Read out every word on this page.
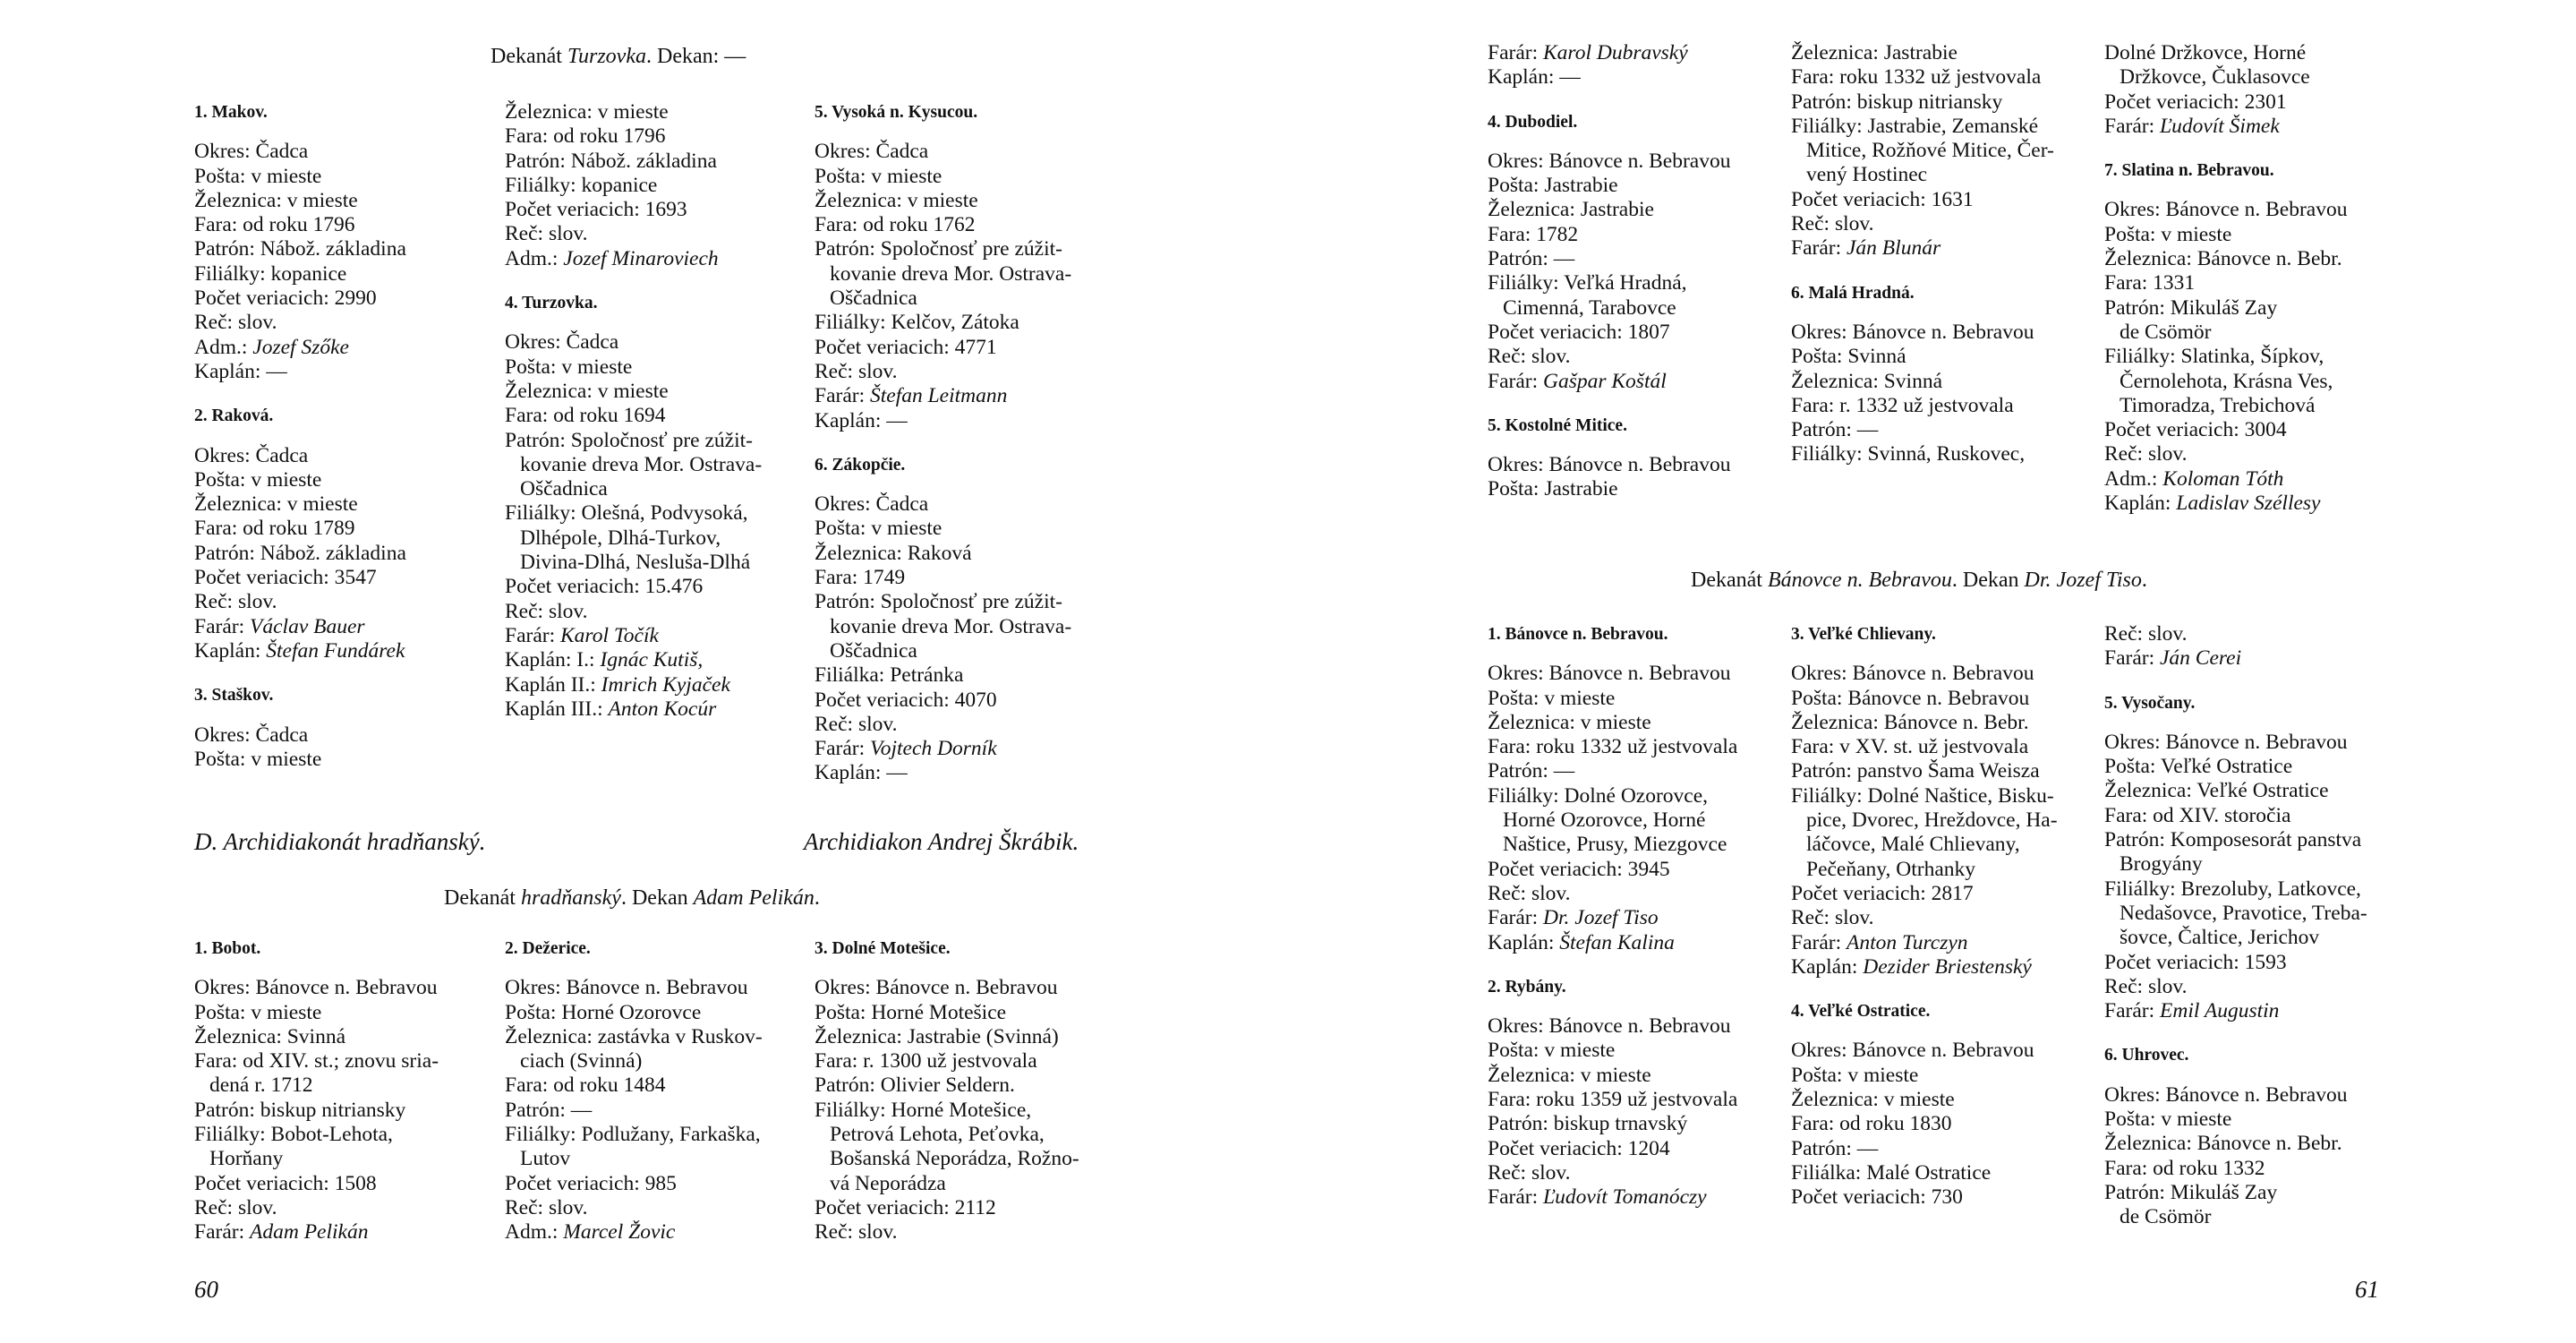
Dekanát Turzovka. Dekan: —
1. Makov.
Okres: Čadca
Pošta: v mieste
Železnica: v mieste
Fara: od roku 1796
Patrón: Nábož. základina
Filiálky: kopanice
Počet veriacich: 2990
Reč: slov.
Adm.: Jozef Szőke
Kaplán: —
2. Raková.
Okres: Čadca
Pošta: v mieste
Železnica: v mieste
Fara: od roku 1789
Patrón: Nábož. základina
Počet veriacich: 3547
Reč: slov.
Farár: Václav Bauer
Kaplán: Štefan Fundárek
3. Staškov.
Okres: Čadca
Pošta: v mieste
Železnica: v mieste
Fara: od roku 1796
Patrón: Nábož. základina
Filiálky: kopanice
Počet veriacich: 1693
Reč: slov.
Adm.: Jozef Minaroviech
4. Turzovka.
Okres: Čadca
Pošta: v mieste
Železnica: v mieste
Fara: od roku 1694
Patrón: Spoločnosť pre zúžit-
kovanie dreva Mor. Ostrava-
Oščadnica
Filiálky: Olešná, Podvysoká,
Dlhépole, Dlhá-Turkov,
Divina-Dlhá, Nesluša-Dlhá
Počet veriacich: 15.476
Reč: slov.
Farár: Karol Točík
Kaplán: I.: Ignác Kutiš,
Kaplán II.: Imrich Kyjaček
Kaplán III.: Anton Kocúr
5. Vysoká n. Kysucou.
Okres: Čadca
Pošta: v mieste
Železnica: v mieste
Fara: od roku 1762
Patrón: Spoločnosť pre zúžit-
kovanie dreva Mor. Ostrava-
Oščadnica
Filiálky: Kelčov, Zátoka
Počet veriacich: 4771
Reč: slov.
Farár: Štefan Leitmann
Kaplán: —
6. Zákopčie.
Okres: Čadca
Pošta: v mieste
Železnica: Raková
Fara: 1749
Patrón: Spoločnosť pre zúžit-
kovanie dreva Mor. Ostrava-
Oščadnica
Filiálka: Petránka
Počet veriacich: 4070
Reč: slov.
Farár: Vojtech Dorník
Kaplán: —
D. Archidiakonát hradňanský.	Archidiakon Andrej Škrábik.
Dekanát hradňanský. Dekan Adam Pelikán.
1. Bobot.
Okres: Bánovce n. Bebravou
Pošta: v mieste
Železnica: Svinná
Fara: od XIV. st.; znovu sria-
dená r. 1712
Patrón: biskup nitriansky
Filiálky: Bobot-Lehota,
Horňany
Počet veriacich: 1508
Reč: slov.
Farár: Adam Pelikán
2. Dežerice.
Okres: Bánovce n. Bebravou
Pošta: Horné Ozorovce
Železnica: zastávka v Ruskov-
ciach (Svinná)
Fara: od roku 1484
Patrón: —
Filiálky: Podlužany, Farkaška,
Lutov
Počet veriacich: 985
Reč: slov.
Adm.: Marcel Žovic
3. Dolné Motešice.
Okres: Bánovce n. Bebravou
Pošta: Horné Motešice
Železnica: Jastrabie (Svinná)
Fara: r. 1300 už jestvovala
Patrón: Olivier Seldern.
Filiálky: Horné Motešice,
Petrová Lehota, Peťovka,
Bošanská Neporádza, Rožno-
vá Neporádza
Počet veriacich: 2112
Reč: slov.
60
Farár: Karol Dubravský
Kaplán: —
4. Dubodiel.
Okres: Bánovce n. Bebravou
Pošta: Jastrabie
Železnica: Jastrabie
Fara: 1782
Patrón: —
Filiálky: Veľká Hradná,
Cimenná, Tarabovce
Počet veriacich: 1807
Reč: slov.
Farár: Gašpar Koštál
5. Kostolné Mitice.
Okres: Bánovce n. Bebravou
Pošta: Jastrabie
Železnica: Jastrabie
Fara: roku 1332 už jestvovala
Patrón: biskup nitriansky
Filiálky: Jastrabie, Zemanské
Mitice, Rožňové Mitice, Čer-
vený Hostinec
Počet veriacich: 1631
Reč: slov.
Farár: Ján Blunár
6. Malá Hradná.
Okres: Bánovce n. Bebravou
Pošta: Svinná
Železnica: Svinná
Fara: r. 1332 už jestvovala
Patrón: —
Filiálky: Svinná, Ruskovec,
Dolné Držkovce, Horné
Držkovce, Čuklasovce
Počet veriacich: 2301
Farár: Ľudovít Šimek
7. Slatina n. Bebravou.
Okres: Bánovce n. Bebravou
Pošta: v mieste
Železnica: Bánovce n. Bebr.
Fara: 1331
Patrón: Mikuláš Zay
de Csömör
Filiálky: Slatinka, Šípkov,
Černolehota, Krásna Ves,
Timoradza, Trebichová
Počet veriacich: 3004
Reč: slov.
Adm.: Koloman Tóth
Kaplán: Ladislav Széllesy
Dekanát Bánovce n. Bebravou. Dekan Dr. Jozef Tiso.
1. Bánovce n. Bebravou.
Okres: Bánovce n. Bebravou
Pošta: v mieste
Železnica: v mieste
Fara: roku 1332 už jestvovala
Patrón: —
Filiálky: Dolné Ozorovce,
Horné Ozorovce, Horné
Naštice, Prusy, Miezgovce
Počet veriacich: 3945
Reč: slov.
Farár: Dr. Jozef Tiso
Kaplán: Štefan Kalina
2. Rybány.
Okres: Bánovce n. Bebravou
Pošta: v mieste
Železnica: v mieste
Fara: roku 1359 už jestvovala
Patrón: biskup trnavský
Počet veriacich: 1204
Reč: slov.
Farár: Ľudovít Tomanóczy
3. Veľké Chlievany.
Okres: Bánovce n. Bebravou
Pošta: Bánovce n. Bebravou
Železnica: Bánovce n. Bebr.
Fara: v XV. st. už jestvovala
Patrón: panstvo Šama Weisza
Filiálky: Dolné Naštice, Bisku-
pice, Dvorec, Hreždovce, Ha-
láčovce, Malé Chlievany,
Pečeňany, Otrhanky
Počet veriacich: 2817
Reč: slov.
Farár: Anton Turczyn
Kaplán: Dezider Briestenský
4. Veľké Ostratice.
Okres: Bánovce n. Bebravou
Pošta: v mieste
Železnica: v mieste
Fara: od roku 1830
Patrón: —
Filiálka: Malé Ostratice
Počet veriacich: 730
Reč: slov.
Farár: Ján Cerei
5. Vysočany.
Okres: Bánovce n. Bebravou
Pošta: Veľké Ostratice
Železnica: Veľké Ostratice
Fara: od XIV. storočia
Patrón: Komposesorát panstva
Brogyány
Filiálky: Brezoluby, Latkovce,
Nedašovce, Pravotice, Treba-
šovce, Čaltice, Jerichov
Počet veriacich: 1593
Reč: slov.
Farár: Emil Augustin
6. Uhrovec.
Okres: Bánovce n. Bebravou
Pošta: v mieste
Železnica: Bánovce n. Bebr.
Fara: od roku 1332
Patrón: Mikuláš Zay
de Csömör
61
